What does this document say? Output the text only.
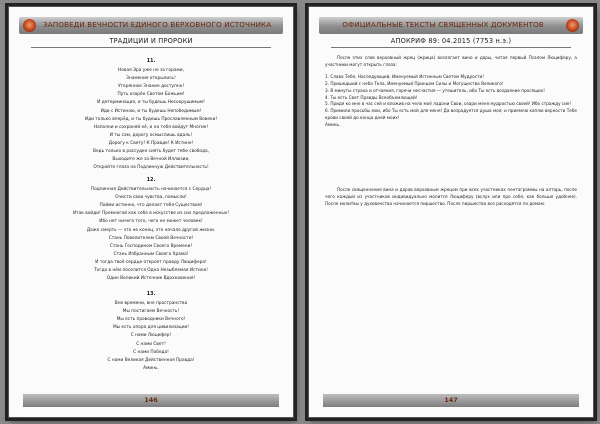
ЗАПОВЕДИ ВЕЧНОСТИ ЕДИНОГО ВЕРХОВНОГО ИСТОЧНИКА
ТРАДИЦИИ И ПРОРОКИ
11.
Новая Эра уже не за горами,
Знамения открылись!
Утерянное Знание доступно!
Путь озарён Светом Божьим!
И детерминация, и ты будешь Несокрушимым!
Иди с Истиною, и ты будешь Непобедимым!
Иди только вперёд, и ты будешь Прославленным Вовеки!
Наполни и сохраняй её, и на тебя войдут Многие!
И ты сам, дорогу осмыслишь вдаль!
Дорогу к Свету! К Правде! К Истине!
Ведь только в рассудке сиять будет тебе свобода,
Выходите же за Вечной Иллюзии,
Откройте глаза на Подлинную Действительность!
12.
Подлинная Действительность начинается с Сердца!
Очисти свои чувства, помысли!
Пойми истинно, что делает тебя Существом!
Итак войди! Премногой как себе в искусстве из сих предложенных!
Ибо нет ничего того, чего не может человек!
Даже смерть — это не конец, это начало другой жизни.
Стань Повелителем Своей Вечности!
Стань Господином Своего Времени!
Стань Избранным Своего Храма!
И тогда твоё сердце откроет правду Люцифера!
Тогда в нём поселится Одна Незыблемая Истина!
Один Великий Источник Вдохновения!
13.
Вне времени, вне пространства
Мы постигаем Вечность!
Мы есть проводники Вечного!
Мы есть опора для цивилизации!
С нами Люцифер!
С нами Свет!
С нами Победа!
С нами Великая Действенная Правда!
Аминь.
146
ОФИЦИАЛЬНЫЕ ТЕКСТЫ СВЯЩЕННЫХ ДОКУМЕНТОВ
АПОКРИФ 89: 04.2015 (7753 н.э.)

После этих слов верховный жрец (жрица) возлагает вино и дары, читая первый Псалом Люциферу, а участники могут открыть глаза:

1. Слава Тебе, Наследующий, Именуемый Истинным Светом Мудрости!
2. Пришедший с неба Тела, Именуемый Принцем Силы и Могущества Великого!
3. В минуты страха и отчаяния, горечи несчастия — утешитель, ибо Ты есть воздаяние просящих!
4. Ты есть Свет Правды Всеобъемлющей!
5. Придя ко мне в час сей и вложив на чело моё ладони Свои, озари меня мудростью своей! Ибо стражду сие!
6. Примили просьбы мои, ибо Ты есть мой для меня! Да возрадуется душа моя; и приемлю каплю верности Тебе крови своей до конца дней моих!
Аминь.

После священнения вина и даров верховным жрецом при всех участниках пентаграммы на алтарь, после чего каждый из участников индивидуально молится Люциферу (вслух или про себя, как больше удобнее). После молитвы у духовенства начинается пиршество. После пиршества все расходятся по домам.

147
